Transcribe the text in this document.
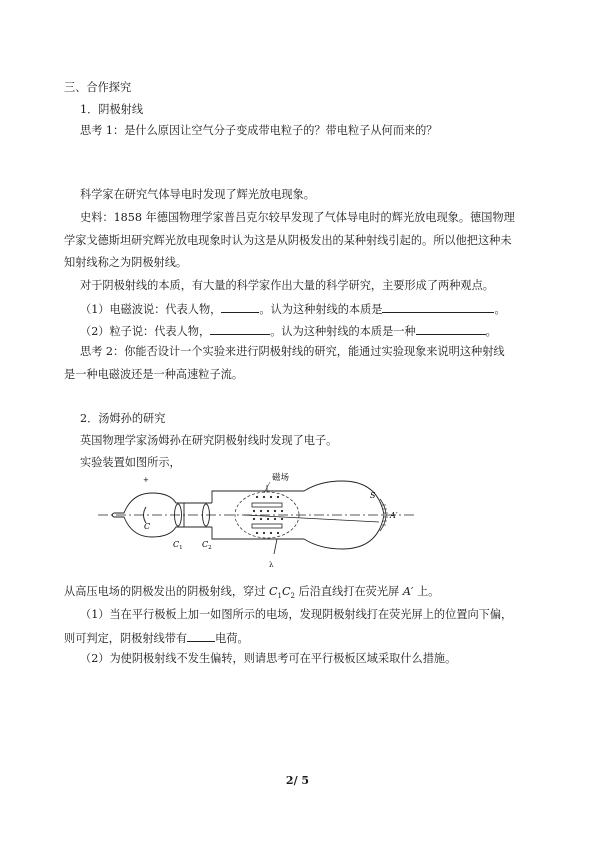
三、合作探究
1．阴极射线
思考 1：是什么原因让空气分子变成带电粒子的？带电粒子从何而来的？
科学家在研究气体导电时发现了辉光放电现象。
史料：1858 年德国物理学家普吕克尔较早发现了气体导电时的辉光放电现象。德国物理
学家戈德斯坦研究辉光放电现象时认为这是从阴极发出的某种射线引起的。所以他把这种未
知射线称之为阴极射线。
对于阴极射线的本质，有大量的科学家作出大量的科学研究，主要形成了两种观点。
（1）电磁波说：代表人物，	。认为这种射线的本质是	。
（2）粒子说：代表人物，	。认为这种射线的本质是一种	。
思考 2：你能否设计一个实验来进行阴极射线的研究，能通过实验现象来说明这种射线
是一种电磁波还是一种高速粒子流。
2．汤姆孙的研究
英国物理学家汤姆孙在研究阴极射线时发现了电子。
实验装置如图所示，
磁场
C
$C_1$ $C_2$
S
A′
+
λ
从高压电场的阴极发出的阴极射线，穿过 $C_1C_2$ 后沿直线打在荧光屏 A′ 上。
（1）当在平行极板上加一如图所示的电场，发现阴极射线打在荧光屏上的位置向下偏，
则可判定，阴极射线带有	电荷。
（2）为使阴极射线不发生偏转，则请思考可在平行极板区域采取什么措施。
2/ 5
